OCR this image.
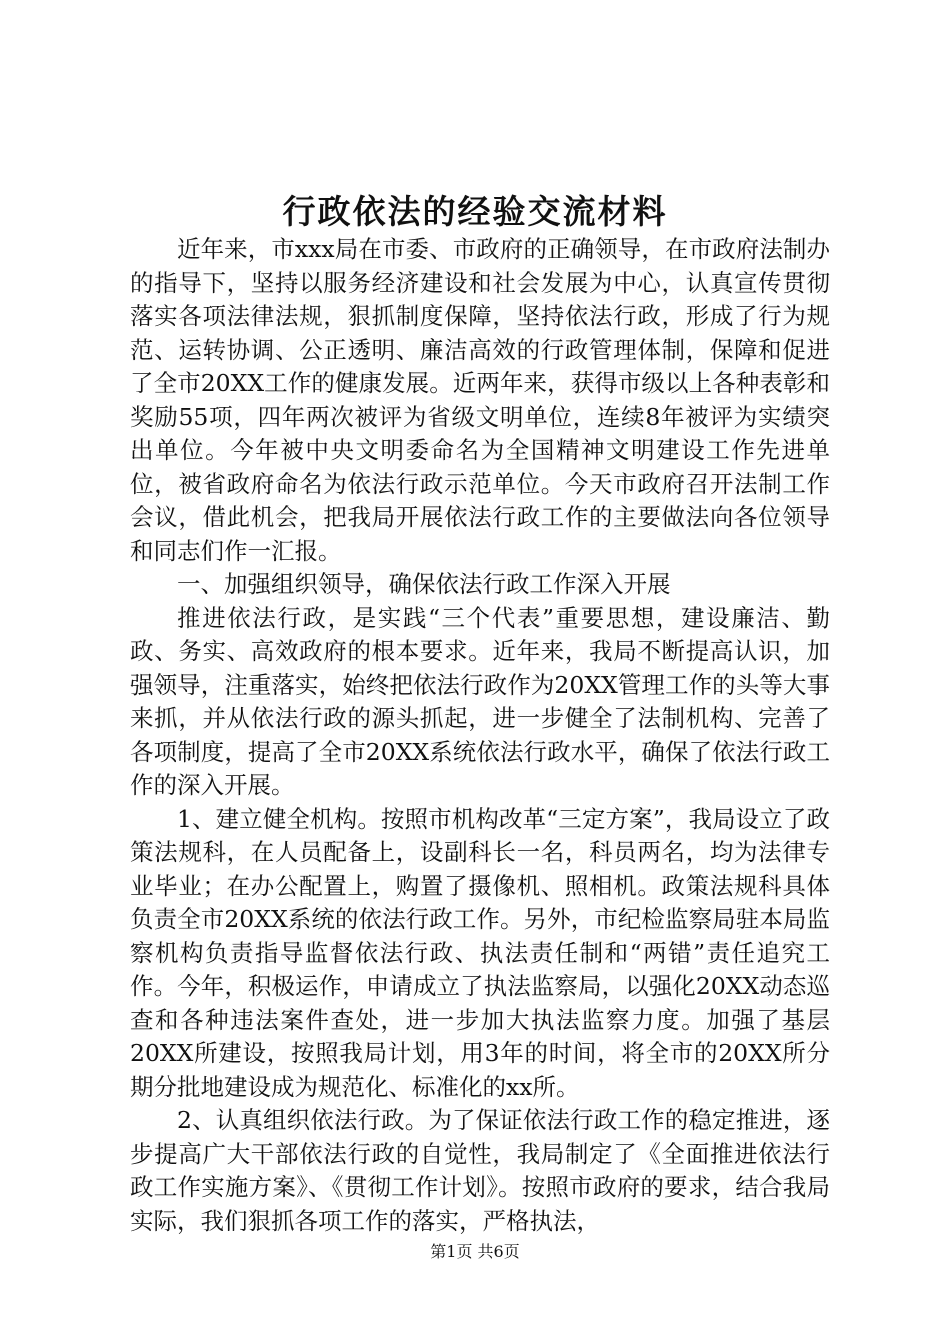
行政依法的经验交流材料

近年来，市xxx局在市委、市政府的正确领导，在市政府法制办的指导下，坚持以服务经济建设和社会发展为中心，认真宣传贯彻落实各项法律法规，狠抓制度保障，坚持依法行政，形成了行为规范、运转协调、公正透明、廉洁高效的行政管理体制，保障和促进了全市20XX工作的健康发展。近两年来，获得市级以上各种表彰和奖励55项，四年两次被评为省级文明单位，连续8年被评为实绩突出单位。今年被中央文明委命名为全国精神文明建设工作先进单位，被省政府命名为依法行政示范单位。今天市政府召开法制工作会议，借此机会，把我局开展依法行政工作的主要做法向各位领导和同志们作一汇报。

一、加强组织领导，确保依法行政工作深入开展

推进依法行政，是实践“三个代表”重要思想，建设廉洁、勤政、务实、高效政府的根本要求。近年来，我局不断提高认识，加强领导，注重落实，始终把依法行政作为20XX管理工作的头等大事来抓，并从依法行政的源头抓起，进一步健全了法制机构、完善了各项制度，提高了全市20XX系统依法行政水平，确保了依法行政工作的深入开展。

1、建立健全机构。按照市机构改革“三定方案”，我局设立了政策法规科，在人员配备上，设副科长一名，科员两名，均为法律专业毕业；在办公配置上，购置了摄像机、照相机。政策法规科具体负责全市20XX系统的依法行政工作。另外，市纪检监察局驻本局监察机构负责指导监督依法行政、执法责任制和“两错”责任追究工作。今年，积极运作，申请成立了执法监察局，以强化20XX动态巡查和各种违法案件查处，进一步加大执法监察力度。加强了基层20XX所建设，按照我局计划，用3年的时间，将全市的20XX所分期分批地建设成为规范化、标准化的xx所。

2、认真组织依法行政。为了保证依法行政工作的稳定推进，逐步提高广大干部依法行政的自觉性，我局制定了《全面推进依法行政工作实施方案》、《贯彻工作计划》。按照市政府的要求，结合我局实际，我们狠抓各项工作的落实，严格执法，

第1页 共6页
